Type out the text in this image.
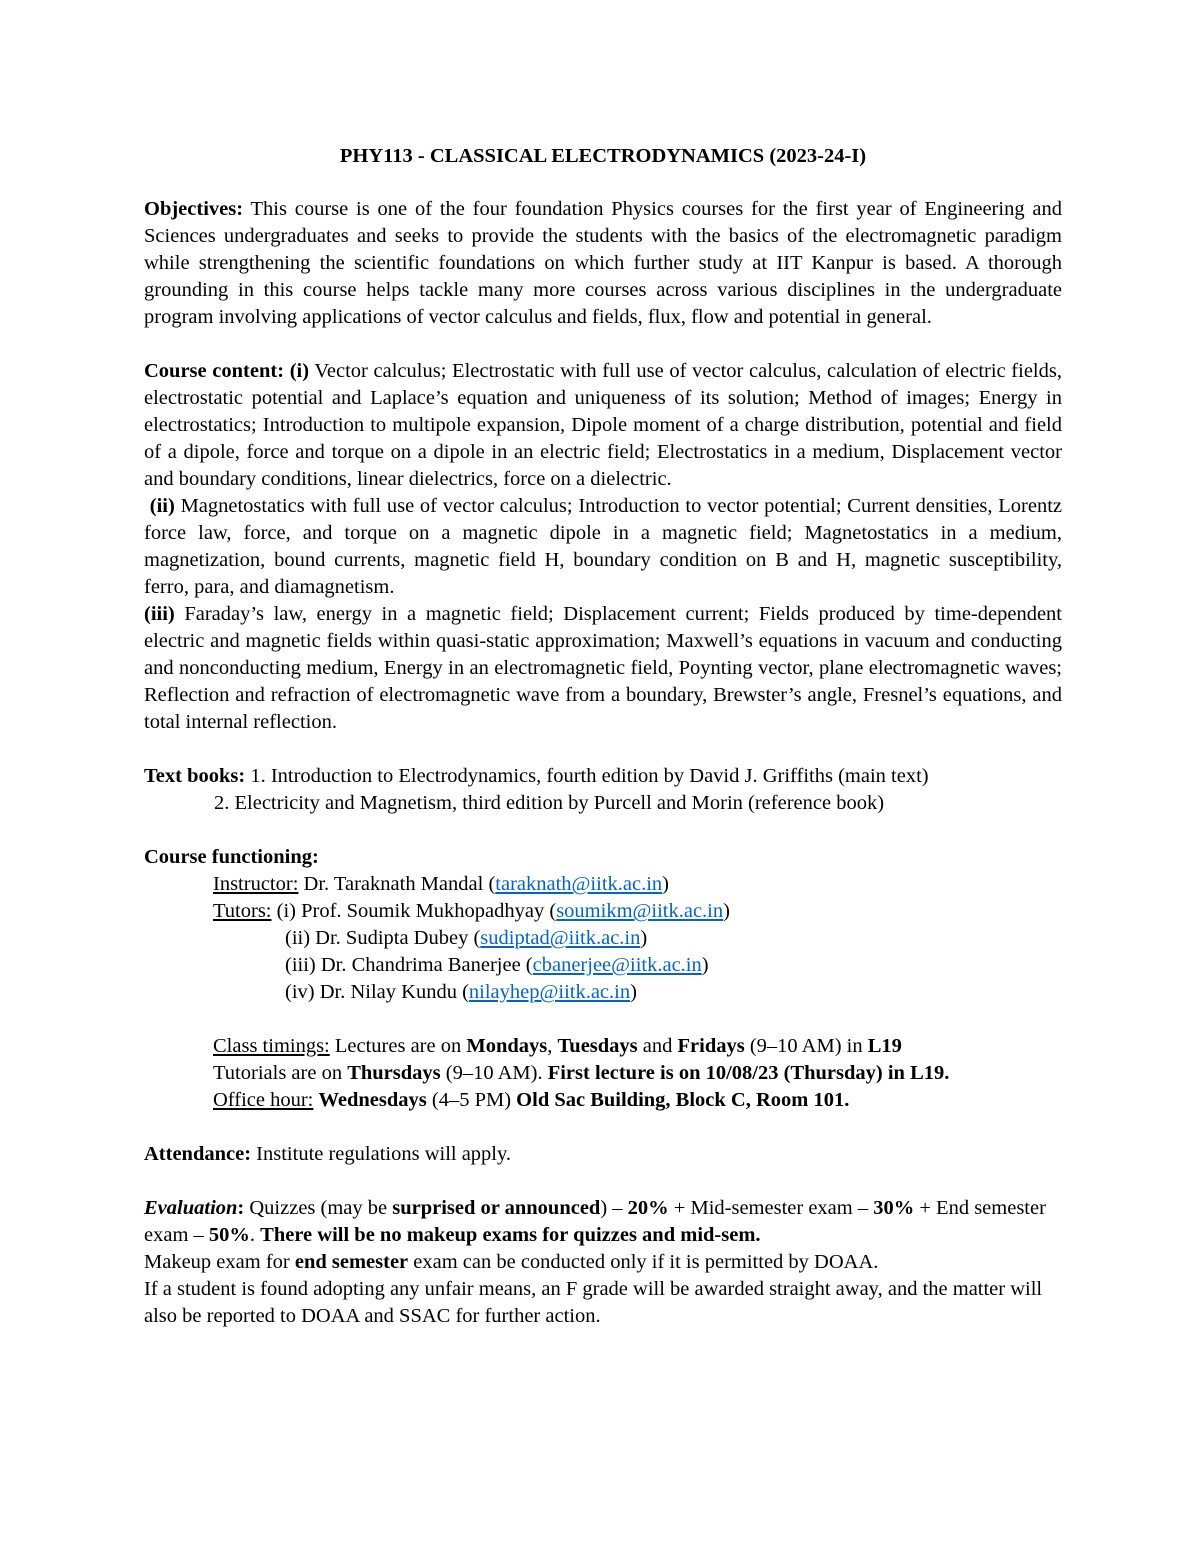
PHY113 - CLASSICAL ELECTRODYNAMICS (2023-24-I)

Objectives: This course is one of the four foundation Physics courses for the first year of Engineering and Sciences undergraduates and seeks to provide the students with the basics of the electromagnetic paradigm while strengthening the scientific foundations on which further study at IIT Kanpur is based. A thorough grounding in this course helps tackle many more courses across various disciplines in the undergraduate program involving applications of vector calculus and fields, flux, flow and potential in general.

Course content: (i) Vector calculus; Electrostatic with full use of vector calculus, calculation of electric fields, electrostatic potential and Laplace’s equation and uniqueness of its solution; Method of images; Energy in electrostatics; Introduction to multipole expansion, Dipole moment of a charge distribution, potential and field of a dipole, force and torque on a dipole in an electric field; Electrostatics in a medium, Displacement vector and boundary conditions, linear dielectrics, force on a dielectric.

(ii) Magnetostatics with full use of vector calculus; Introduction to vector potential; Current densities, Lorentz force law, force, and torque on a magnetic dipole in a magnetic field; Magnetostatics in a medium, magnetization, bound currents, magnetic field H, boundary condition on B and H, magnetic susceptibility, ferro, para, and diamagnetism.

(iii) Faraday’s law, energy in a magnetic field; Displacement current; Fields produced by time-dependent electric and magnetic fields within quasi-static approximation; Maxwell’s equations in vacuum and conducting and nonconducting medium, Energy in an electromagnetic field, Poynting vector, plane electromagnetic waves; Reflection and refraction of electromagnetic wave from a boundary, Brewster’s angle, Fresnel’s equations, and total internal reflection.

Text books: 1. Introduction to Electrodynamics, fourth edition by David J. Griffiths (main text)

2. Electricity and Magnetism, third edition by Purcell and Morin (reference book)

Course functioning:

Instructor: Dr. Taraknath Mandal (taraknath@iitk.ac.in)

Tutors: (i) Prof. Soumik Mukhopadhyay (soumikm@iitk.ac.in)

(ii) Dr. Sudipta Dubey (sudiptad@iitk.ac.in)

(iii) Dr. Chandrima Banerjee (cbanerjee@iitk.ac.in)

(iv) Dr. Nilay Kundu (nilayhep@iitk.ac.in)

Class timings: Lectures are on Mondays, Tuesdays and Fridays (9–10 AM) in L19

Tutorials are on Thursdays (9–10 AM). First lecture is on 10/08/23 (Thursday) in L19.

Office hour: Wednesdays (4–5 PM) Old Sac Building, Block C, Room 101.

Attendance: Institute regulations will apply.

Evaluation: Quizzes (may be surprised or announced) – 20% + Mid-semester exam – 30% + End semester exam – 50%. There will be no makeup exams for quizzes and mid-sem.

Makeup exam for end semester exam can be conducted only if it is permitted by DOAA.

If a student is found adopting any unfair means, an F grade will be awarded straight away, and the matter will also be reported to DOAA and SSAC for further action.
